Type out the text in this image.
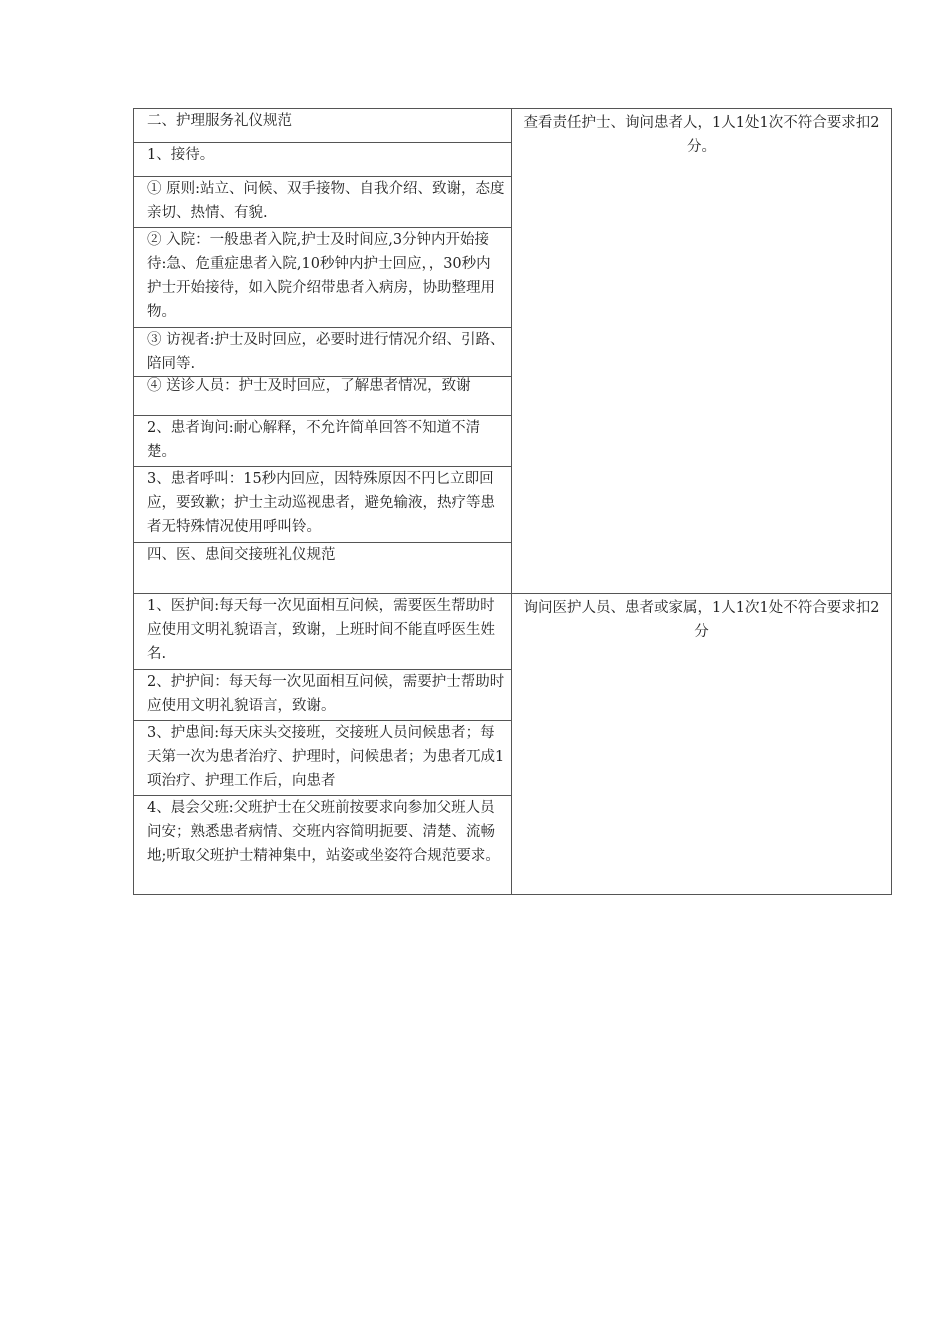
二、护理服务礼仪规范	查看责任护士、询问患者人，1人1处1次不符合要求扣2分。

1、接待。	

① 原则:站立、问候、双手接物、自我介绍、致谢，态度亲切、热情、有貌.	

② 入院：一般患者入院,护士及时间应,3分钟内开始接待:急、危重症患者入院,10秒钟内护士回应，，30秒内护士开始接待，如入院介绍带患者入病房，协助整理用物。	

③ 访视者:护士及时回应，必要时进行情况介绍、引路、陪同等.	

④ 送诊人员：护士及时回应，了解患者情况，致谢	

2、患者询问:耐心解释，不允许简单回答不知道不清楚。	

3、患者呼叫：15秒内回应，因特殊原因不円匕立即回应，要致歉；护士主动巡视患者，避免输液，热疗等患者无特殊情况使用呼叫铃。	

四、医、患间交接班礼仪规范	

1、医护间:每天每一次见面相互问候，需要医生帮助时应使用文明礼貌语言，致谢，上班时间不能直呼医生姓名.	询问医护人员、患者或家属，1人1次1处不符合要求扣2分

2、护护间：每天每一次见面相互问候，需要护士帮助时应使用文明礼貌语言，致谢。	

3、护患间:每天床头交接班，交接班人员问候患者；每天第一次为患者治疗、护理时，问候患者；为患者兀成1项治疗、护理工作后，向患者	

4、晨会父班:父班护士在父班前按要求向参加父班人员问安；熟悉患者病情、交班内容简明扼要、清楚、流畅地;听取父班护士精神集中，站姿或坐姿符合规范要求。	
